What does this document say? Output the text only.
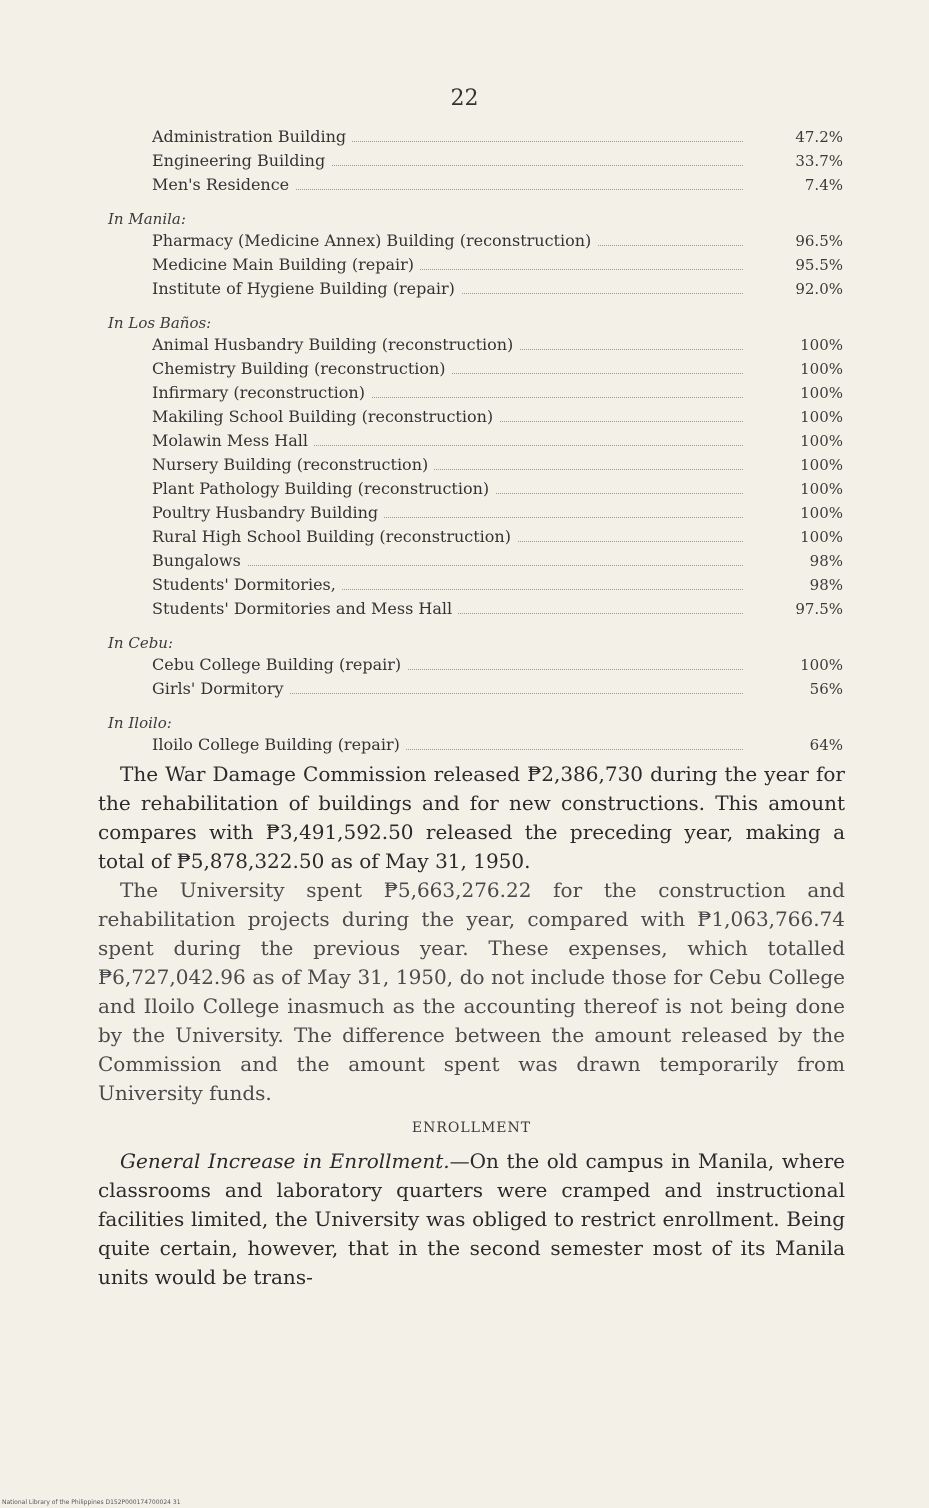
22
Administration Building	47.2%
Engineering Building	33.7%
Men's Residence	7.4%
In Manila:
Pharmacy (Medicine Annex) Building (reconstruction)	96.5%
Medicine Main Building (repair)	95.5%
Institute of Hygiene Building (repair)	92.0%
In Los Baños:
Animal Husbandry Building (reconstruction)	100%
Chemistry Building (reconstruction)	100%
Infirmary (reconstruction)	100%
Makiling School Building (reconstruction)	100%
Molawin Mess Hall	100%
Nursery Building (reconstruction)	100%
Plant Pathology Building (reconstruction)	100%
Poultry Husbandry Building	100%
Rural High School Building (reconstruction)	100%
Bungalows	98%
Students' Dormitories,	98%
Students' Dormitories and Mess Hall	97.5%
In Cebu:
Cebu College Building (repair)	100%
Girls' Dormitory	56%
In Iloilo:
Iloilo College Building (repair)	64%

The War Damage Commission released ₱2,386,730 during the year for the rehabilitation of buildings and for new constructions. This amount compares with ₱3,491,592.50 released the preceding year, making a total of ₱5,878,322.50 as of May 31, 1950.

The University spent ₱5,663,276.22 for the construction and rehabilitation projects during the year, compared with ₱1,063,766.74 spent during the previous year. These expenses, which totalled ₱6,727,042.96 as of May 31, 1950, do not include those for Cebu College and Iloilo College inasmuch as the accounting thereof is not being done by the University. The difference between the amount released by the Commission and the amount spent was drawn temporarily from University funds.

ENROLLMENT

General Increase in Enrollment.—On the old campus in Manila, where classrooms and laboratory quarters were cramped and instructional facilities limited, the University was obliged to restrict enrollment. Being quite certain, however, that in the second semester most of its Manila units would be trans-

National Library of the Philippines D152P000174700024 31
